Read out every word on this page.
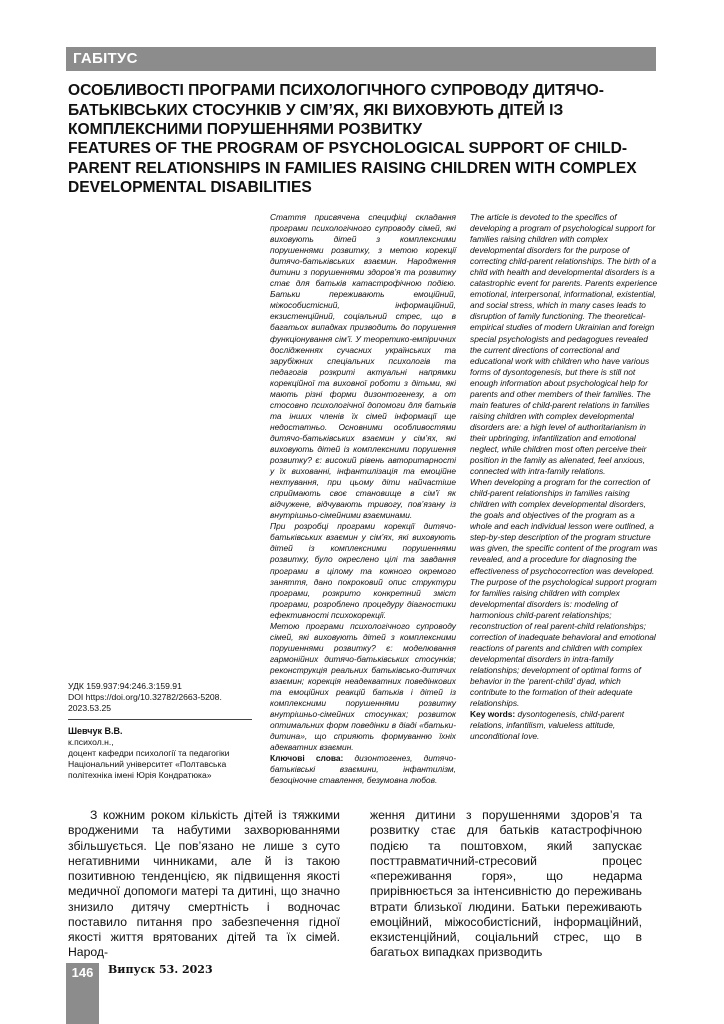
ГАБІТУС
ОСОБЛИВОСТІ ПРОГРАМИ ПСИХОЛОГІЧНОГО СУПРОВОДУ ДИТЯЧО-БАТЬКІВСЬКИХ СТОСУНКІВ У СІМ’ЯХ, ЯКІ ВИХОВУЮТЬ ДІТЕЙ ІЗ КОМПЛЕКСНИМИ ПОРУШЕННЯМИ РОЗВИТКУ
FEATURES OF THE PROGRAM OF PSYCHOLOGICAL SUPPORT OF CHILD-PARENT RELATIONSHIPS IN FAMILIES RAISING CHILDREN WITH COMPLEX DEVELOPMENTAL DISABILITIES

Стаття присвячена специфіці складання програми психологічного супроводу сімей, які виховують дітей з комплексними порушеннями розвитку, з метою корекції дитячо-батьківських взаємин. Народження дитини з порушеннями здоров’я та розвитку стає для батьків катастрофічною подією. Батьки переживають емоційний, міжособистісний, інформаційний, екзистенційний, соціальний стрес, що в багатьох випадках призводить до порушення функціонування сім’ї. У теоретико-емпіричних дослідженнях сучасних українських та зарубіжних спеціальних психологів та педагогів розкриті актуальні напрямки корекційної та виховної роботи з дітьми, які мають різні форми дизонтогенезу, а от стосовно психологічної допомоги для батьків та інших членів їх сімей інформації ще недостатньо. Основними особливостями дитячо-батьківських взаємин у сім’ях, які виховують дітей із комплексними порушення розвитку? є: високий рівень авторитарності у їх вихованні, інфантилізація та емоційне нехтування, при цьому діти найчастіше сприймають своє становище в сім’ї як відчужене, відчувають тривогу, пов’язану із внутрішньо-сімейними взаєминами.

При розробці програми корекції дитячо-батьківських взаємин у сім’ях, які виховують дітей із комплексними порушеннями розвитку, було окреслено цілі та завдання програми в цілому та кожного окремого заняття, дано покроковий опис структури програми, розкрито конкретний зміст програми, розроблено процедуру діагностики ефективності психокорекції.

Метою програми психологічного супроводу сімей, які виховують дітей з комплексними порушеннями розвитку? є: моделювання гармонійних дитячо-батьківських стосунків; реконструкція реальних батьківсько-дитячих взаємин; корекція неадекватних поведінкових та емоційних реакцій батьків і дітей із комплексними порушеннями розвитку внутрішньо-сімейних стосунках; розвиток оптимальних форм поведінки в діаді «батьки-дитина», що сприяють формуванню їхніх адекватних взаємин.

Ключові слова: дизонтогенез, дитячо-батьківські взаємини, інфантилізм, безоціночне ставлення, безумовна любов.

The article is devoted to the specifics of developing a program of psychological support for families raising children with complex developmental disorders for the purpose of correcting child-parent relationships. The birth of a child with health and developmental disorders is a catastrophic event for parents. Parents experience emotional, interpersonal, informational, existential, and social stress, which in many cases leads to disruption of family functioning. The theoretical-empirical studies of modern Ukrainian and foreign special psychologists and pedagogues revealed the current directions of correctional and educational work with children who have various forms of dysontogenesis, but there is still not enough information about psychological help for parents and other members of their families. The main features of child-parent relations in families raising children with complex developmental disorders are: a high level of authoritarianism in their upbringing, infantilization and emotional neglect, while children most often perceive their position in the family as alienated, feel anxious, connected with intra-family relations.

When developing a program for the correction of child-parent relationships in families raising children with complex developmental disorders, the goals and objectives of the program as a whole and each individual lesson were outlined, a step-by-step description of the program structure was given, the specific content of the program was revealed, and a procedure for diagnosing the effectiveness of psychocorrection was developed.

The purpose of the psychological support program for families raising children with complex developmental disorders is: modeling of harmonious child-parent relationships; reconstruction of real parent-child relationships; correction of inadequate behavioral and emotional reactions of parents and children with complex developmental disorders in intra-family relationships; development of optimal forms of behavior in the ‘parent-child’ dyad, which contribute to the formation of their adequate relationships.

Key words: dysontogenesis, child-parent relations, infantilism, valueless attitude, unconditional love.

УДК 159.937:94:246.3:159.91
DOI https://doi.org/10.32782/2663-5208.
2023.53.25
Шевчук В.В.
к.психол.н.,
доцент кафедри психології та педагогіки Національний університет «Полтавська політехніка імені Юрія Кондратюка»
З кожним роком кількість дітей із тяжкими вродженими та набутими захворюваннями збільшується. Це пов’язано не лише з суто негативними чинниками, але й із такою позитивною тенденцією, як підвищення якості медичної допомоги матері та дитині, що значно знизило дитячу смертність і водночас поставило питання про забезпечення гідної якості життя врятованих дітей та їх сімей. Народ-
ження дитини з порушеннями здоров’я та розвитку стає для батьків катастрофічною подією та поштовхом, який запускає посттравматичний-стресовий процес «переживання горя», що недарма прирівнюється за інтенсивністю до переживань втрати близької людини. Батьки переживають емоційний, міжособистісний, інформаційний, екзистенційний, соціальний стрес, що в багатьох випадках призводить
146	Випуск 53. 2023
